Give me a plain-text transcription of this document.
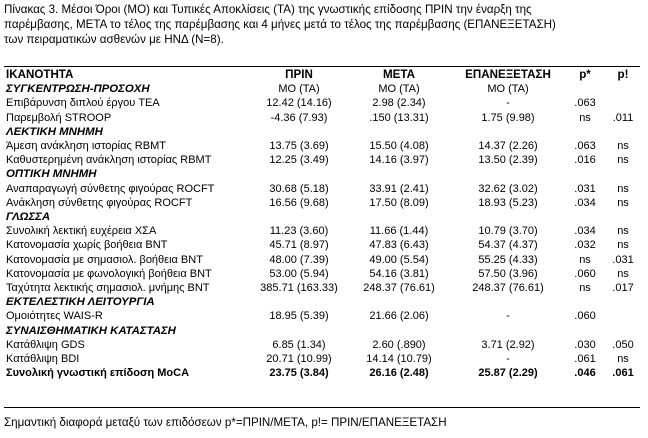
Πίνακας 3. Μέσοι Όροι (ΜΟ) και Τυπικές Αποκλίσεις (ΤΑ) της γνωστικής επίδοσης ΠΡΙΝ την έναρξη της
παρέμβασης, ΜΕΤΑ το τέλος της παρέμβασης και 4 μήνες μετά το τέλος της παρέμβασης (ΕΠΑΝΕΞΕΤΑΣΗ)
των πειραματικών ασθενών με ΗΝΔ (N=8).
ΙΚΑΝΟΤΗΤΑ	ΠΡΙΝ	ΜΕΤΑ	ΕΠΑΝΕΞΕΤΑΣΗ	p*	p!
ΣΥΓΚΕΝΤΡΩΣΗ-ΠΡΟΣΟΧΗ	ΜΟ (ΤΑ)	ΜΟ (ΤΑ)	ΜΟ (ΤΑ)
Επιβάρυνση διπλού έργου TEA	12.42 (14.16)	2.98 (2.34)	-	.063
Παρεμβολή STROOP	-4.36 (7.93)	.150 (13.31)	1.75 (9.98)	ns	.011
ΛΕΚΤΙΚΗ ΜΝΗΜΗ
Άμεση ανάκληση ιστορίας RBMT	13.75 (3.69)	15.50 (4.08)	14.37 (2.26)	.063	ns
Καθυστερημένη ανάκληση ιστορίας RBMT	12.25 (3.49)	14.16 (3.97)	13.50 (2.39)	.016	ns
ΟΠΤΙΚΗ ΜΝΗΜΗ
Αναπαραγωγή σύνθετης φιγούρας ROCFT	30.68 (5.18)	33.91 (2.41)	32.62 (3.02)	.031	ns
Ανάκληση σύνθετης φιγούρας ROCFT	16.56 (9.68)	17.50 (8.09)	18.93 (5.23)	.034	ns
ΓΛΩΣΣΑ
Συνολική λεκτική ευχέρεια ΧΣΑ	11.23 (3.60)	11.66 (1.44)	10.79 (3.70)	.034	ns
Κατονομασία χωρίς βοήθεια BNT	45.71 (8.97)	47.83 (6.43)	54.37 (4.37)	.032	ns
Κατονομασία με σημασιολ. βοήθεια BNT	48.00 (7.39)	49.00 (5.54)	55.25 (4.33)	ns	.031
Κατονομασία με φωνολογική βοήθεια BNT	53.00 (5.94)	54.16 (3.81)	57.50 (3.96)	.060	ns
Ταχύτητα λεκτικής σημασιολ. μνήμης BNT	385.71 (163.33)	248.37 (76.61)	248.37 (76.61)	ns	.017
ΕΚΤΕΛΕΣΤΙΚΗ ΛΕΙΤΟΥΡΓΙΑ
Ομοιότητες WAIS-R	18.95 (5.39)	21.66 (2.06)	-	.060
ΣΥΝΑΙΣΘΗΜΑΤΙΚΗ ΚΑΤΑΣΤΑΣΗ
Κατάθλιψη GDS	6.85 (1.34)	2.60 (.890)	3.71 (2.92)	.030	.050
Κατάθλιψη BDI	20.71 (10.99)	14.14 (10.79)	-	.061	ns
Συνολική γνωστική επίδοση MoCA	23.75 (3.84)	26.16 (2.48)	25.87 (2.29)	.046	.061
Σημαντική διαφορά μεταξύ των επιδόσεων p*=ΠΡΙΝ/ΜΕΤΑ, p!= ΠΡΙΝ/ΕΠΑΝΕΞΕΤΑΣΗ
